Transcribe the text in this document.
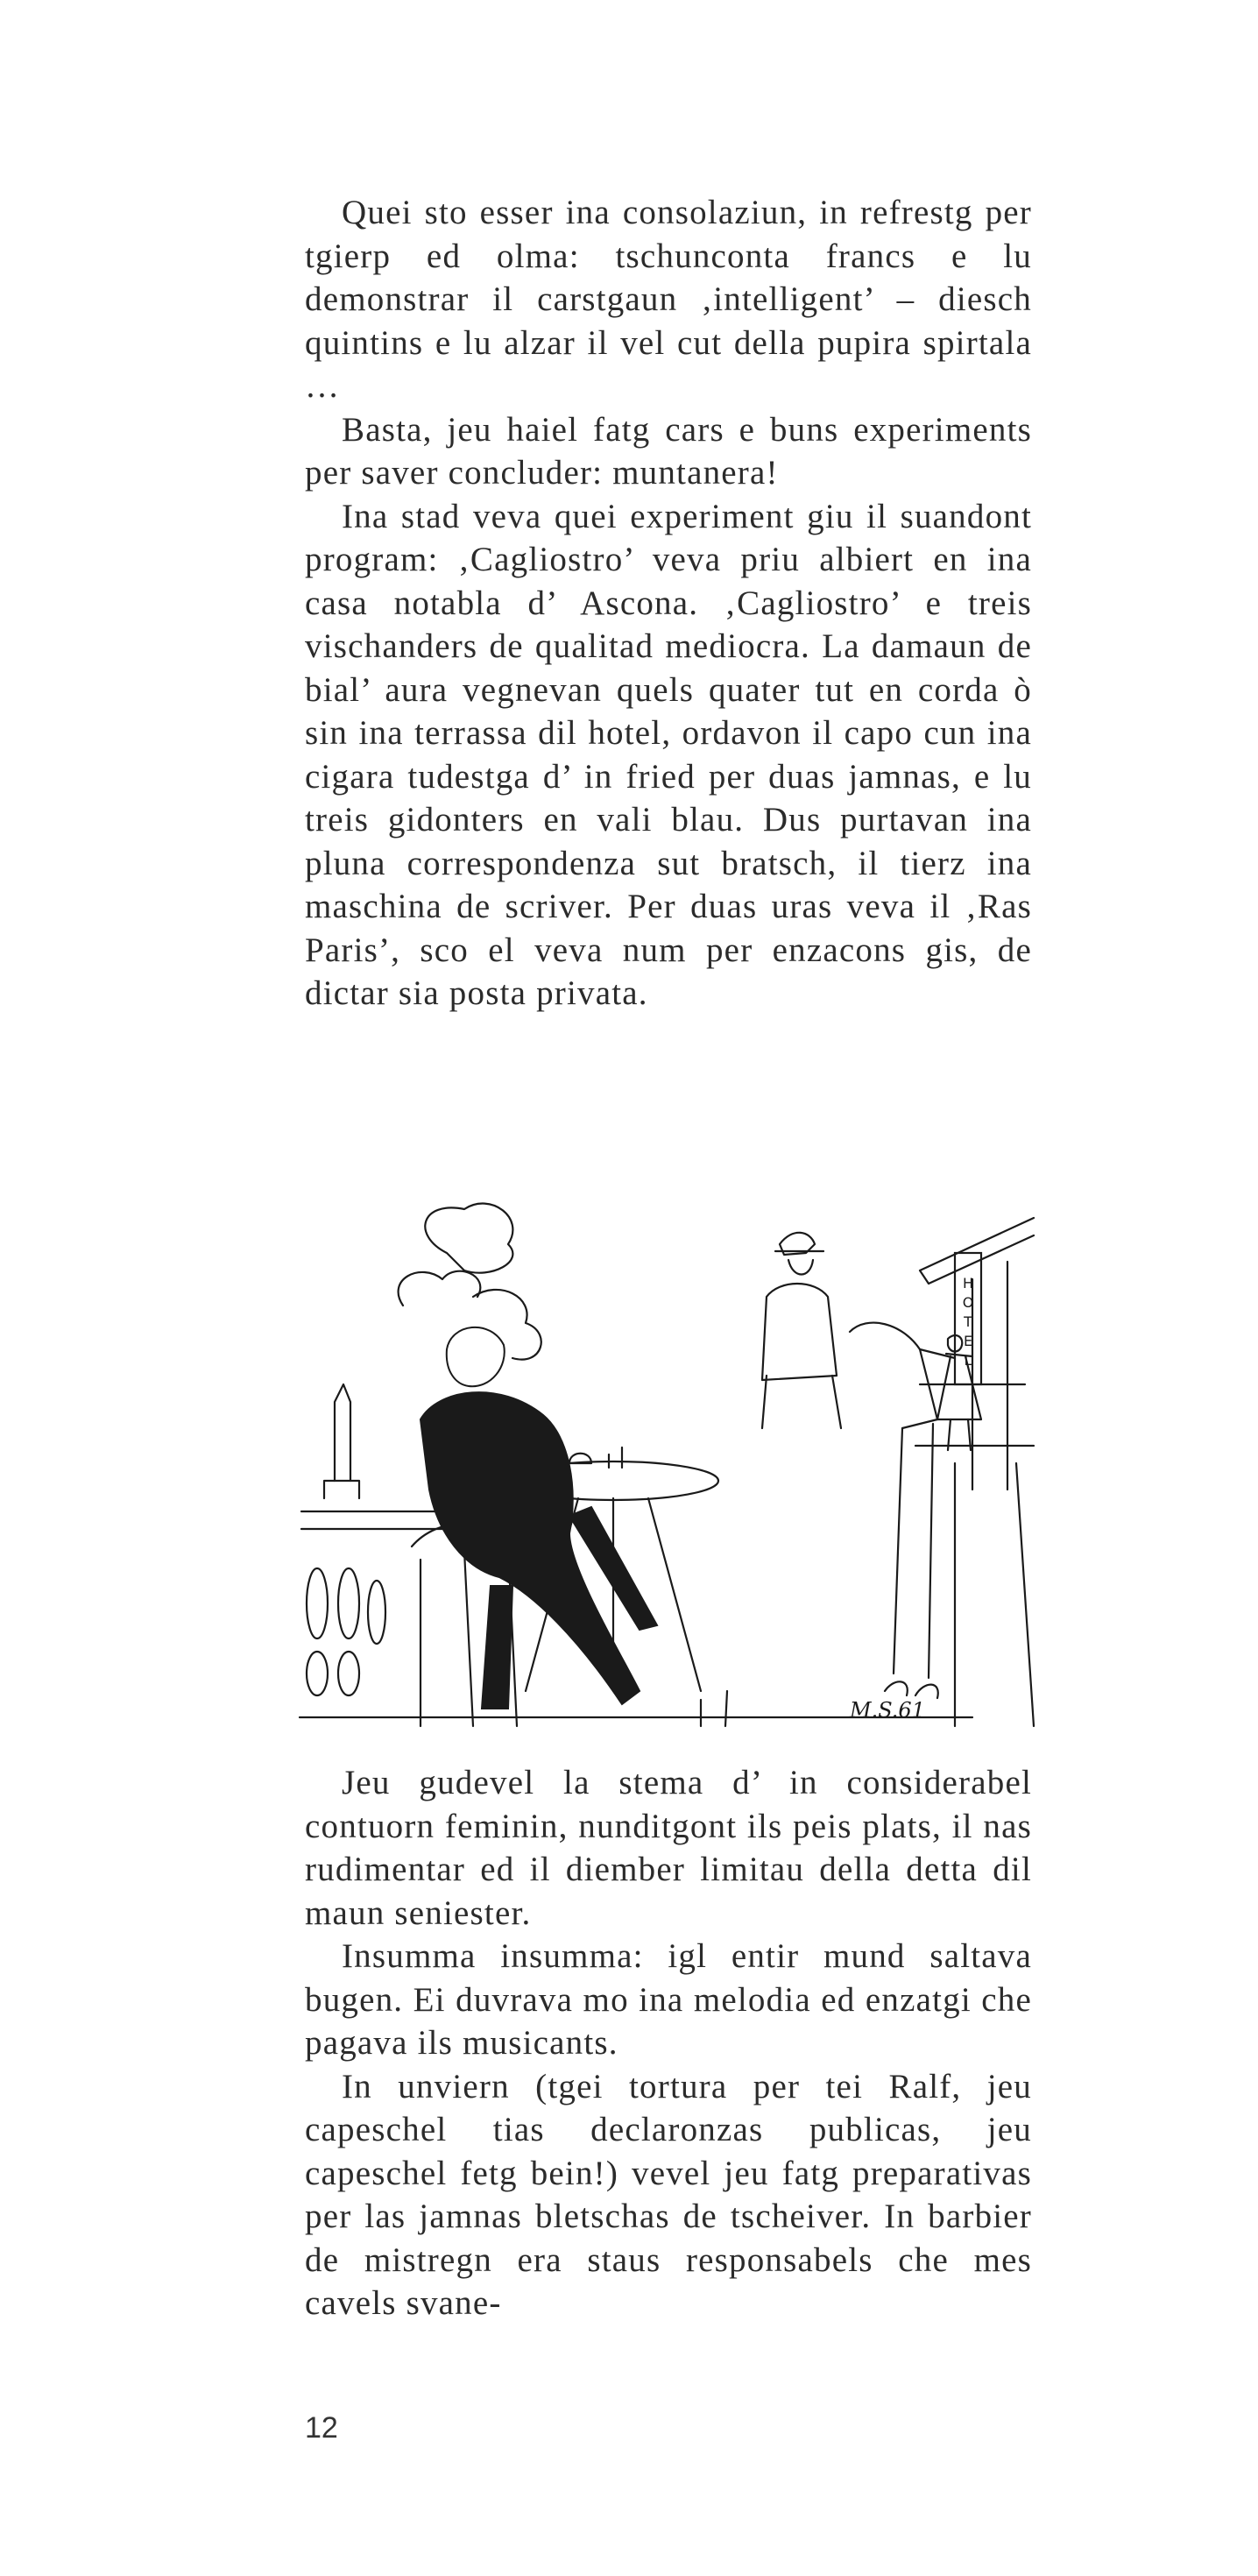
Quei sto esser ina consolaziun, in refrestg per tgierp ed olma: tschunconta francs e lu demonstrar il carstgaun ‚intelligent’ – diesch quintins e lu alzar il vel cut della pupira spirtala …

Basta, jeu haiel fatg cars e buns experiments per saver concluder: muntanera!

Ina stad veva quei experiment giu il suandont program: ‚Cagliostro’ veva priu albiert en ina casa notabla d’ Ascona. ‚Cagliostro’ e treis vischanders de qualitad mediocra. La damaun de bial’ aura vegnevan quels quater tut en corda ò sin ina terrassa dil hotel, ordavon il capo cun ina cigara tudestga d’ in fried per duas jamnas, e lu treis gidonters en vali blau. Dus purtavan ina pluna correspondenza sut bratsch, il tierz ina maschina de scriver. Per duas uras veva il ‚Ras Paris’, sco el veva num per enzacons gis, de dictar sia posta privata.

H O T E L
M.S.61

Jeu gudevel la stema d’ in considerabel contuorn feminin, nunditgont ils peis plats, il nas rudimentar ed il diember limitau della detta dil maun seniester.

Insumma insumma: igl entir mund saltava bugen. Ei duvrava mo ina melodia ed enzatgi che pagava ils musicants.

In unviern (tgei tortura per tei Ralf, jeu capeschel tias declaronzas publicas, jeu capeschel fetg bein!) vevel jeu fatg preparativas per las jamnas bletschas de tscheiver. In barbier de mistregn era staus responsabels che mes cavels svane-

12
